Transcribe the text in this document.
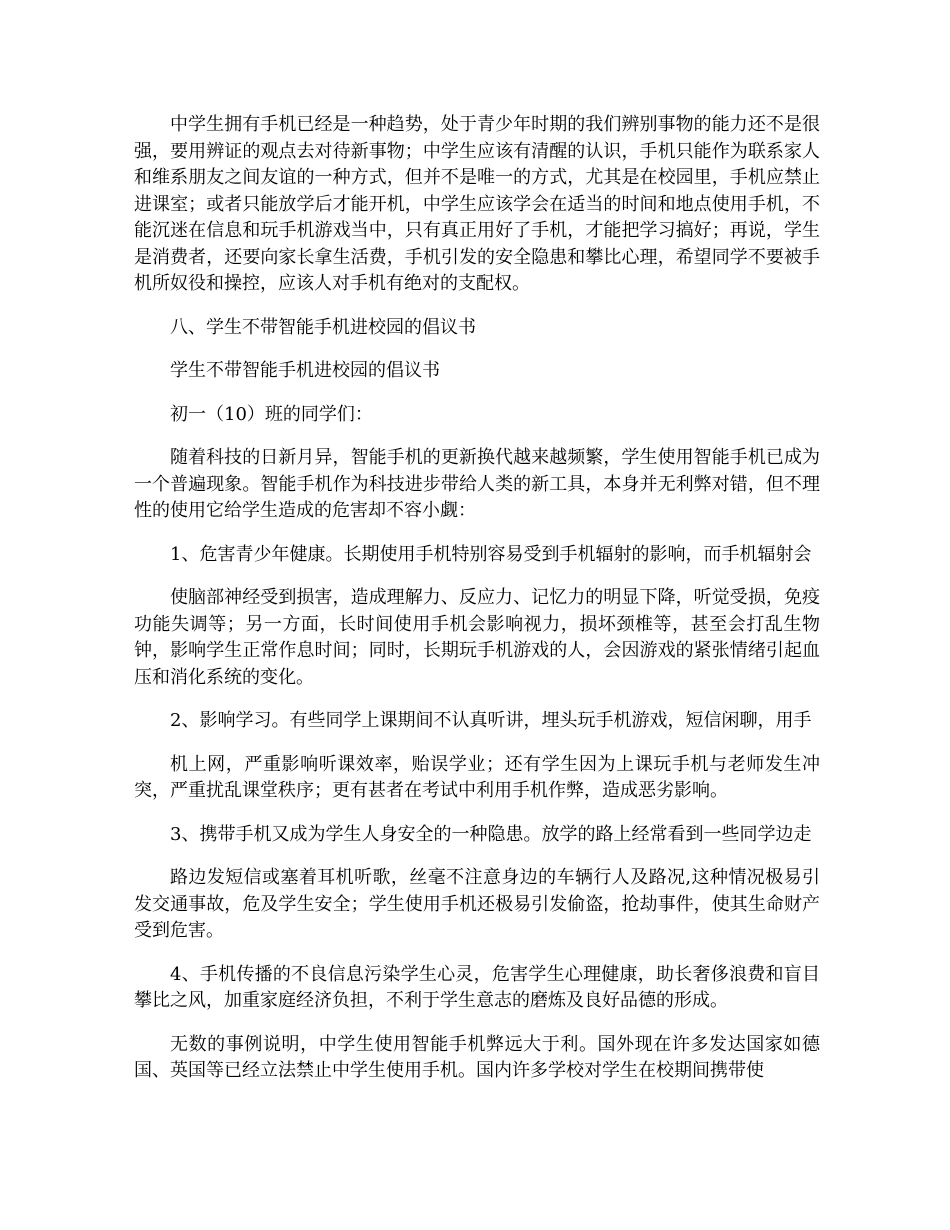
中学生拥有手机已经是一种趋势，处于青少年时期的我们辨别事物的能力还不是很强，要用辨证的观点去对待新事物；中学生应该有清醒的认识，手机只能作为联系家人和维系朋友之间友谊的一种方式，但并不是唯一的方式，尤其是在校园里，手机应禁止进课室；或者只能放学后才能开机，中学生应该学会在适当的时间和地点使用手机，不能沉迷在信息和玩手机游戏当中，只有真正用好了手机，才能把学习搞好；再说，学生是消费者，还要向家长拿生活费，手机引发的安全隐患和攀比心理，希望同学不要被手机所奴役和操控，应该人对手机有绝对的支配权。

八、学生不带智能手机进校园的倡议书

学生不带智能手机进校园的倡议书

初一（10）班的同学们：

随着科技的日新月异，智能手机的更新换代越来越频繁，学生使用智能手机已成为一个普遍现象。智能手机作为科技进步带给人类的新工具，本身并无利弊对错，但不理性的使用它给学生造成的危害却不容小觑：

1、危害青少年健康。长期使用手机特别容易受到手机辐射的影响，而手机辐射会

使脑部神经受到损害，造成理解力、反应力、记忆力的明显下降，听觉受损，免疫功能失调等；另一方面，长时间使用手机会影响视力，损坏颈椎等，甚至会打乱生物钟，影响学生正常作息时间；同时，长期玩手机游戏的人，会因游戏的紧张情绪引起血压和消化系统的变化。

2、影响学习。有些同学上课期间不认真听讲，埋头玩手机游戏，短信闲聊，用手

机上网，严重影响听课效率，贻误学业；还有学生因为上课玩手机与老师发生冲突，严重扰乱课堂秩序；更有甚者在考试中利用手机作弊，造成恶劣影响。

3、携带手机又成为学生人身安全的一种隐患。放学的路上经常看到一些同学边走

路边发短信或塞着耳机听歌，丝毫不注意身边的车辆行人及路况,这种情况极易引发交通事故，危及学生安全；学生使用手机还极易引发偷盗，抢劫事件，使其生命财产受到危害。

4、手机传播的不良信息污染学生心灵，危害学生心理健康，助长奢侈浪费和盲目攀比之风，加重家庭经济负担，不利于学生意志的磨炼及良好品德的形成。

无数的事例说明，中学生使用智能手机弊远大于利。国外现在许多发达国家如德国、英国等已经立法禁止中学生使用手机。国内许多学校对学生在校期间携带使
